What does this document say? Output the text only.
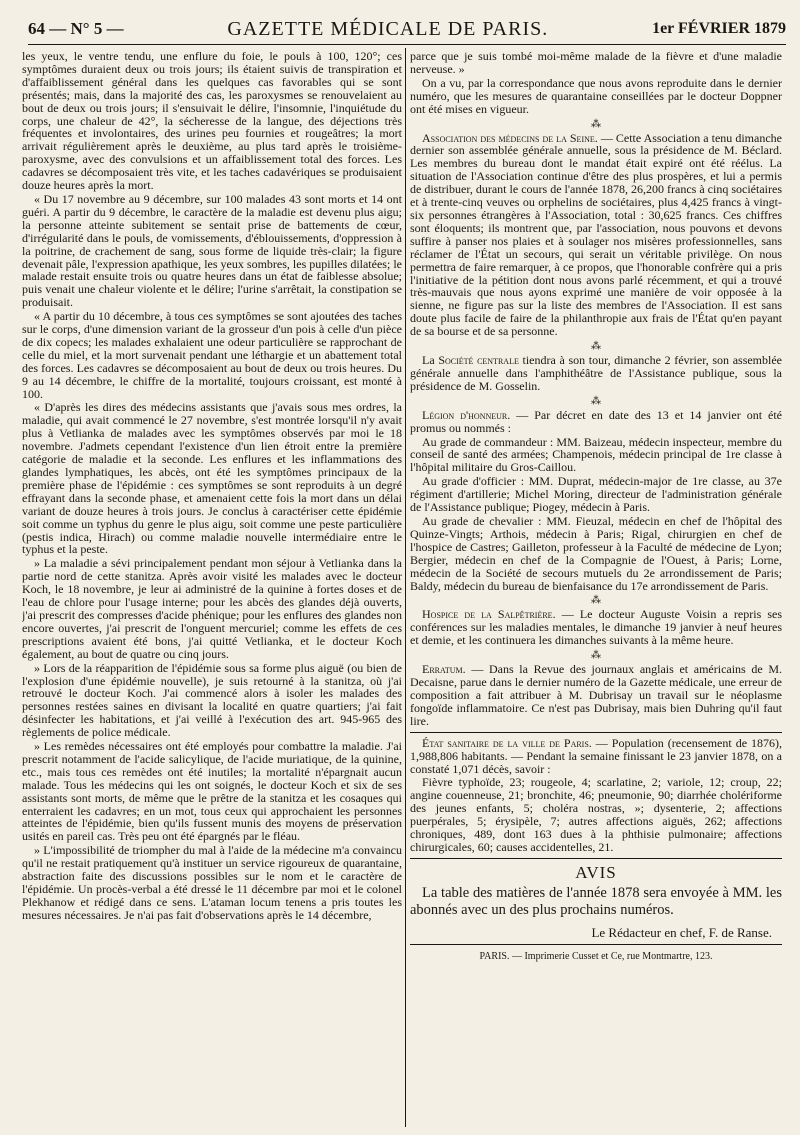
64 — N° 5 —	GAZETTE MÉDICALE DE PARIS.	1er FÉVRIER 1879

les yeux, le ventre tendu, une enflure du foie, le pouls à 100, 120°; ces symptômes duraient deux ou trois jours; ils étaient suivis de transpiration et d'affaiblissement général dans les quelques cas favorables qui se sont présentés; mais, dans la majorité des cas, les paroxysmes se renouvelaient au bout de deux ou trois jours; il s'ensuivait le délire, l'insomnie, l'inquiétude du corps, une chaleur de 42°, la sécheresse de la langue, des déjections très fréquentes et involontaires, des urines peu fournies et rougeâtres; la mort arrivait régulièrement après le deuxième, au plus tard après le troisième-paroxysme, avec des convulsions et un affaiblissement total des forces. Les cadavres se décomposaient très vite, et les taches cadavériques se produisaient douze heures après la mort.

« Du 17 novembre au 9 décembre, sur 100 malades 43 sont morts et 14 ont guéri. A partir du 9 décembre, le caractère de la maladie est devenu plus aigu; la personne atteinte subitement se sentait prise de battements de cœur, d'irrégularité dans le pouls, de vomissements, d'éblouissements, d'oppression à la poitrine, de crachement de sang, sous forme de liquide très-clair; la figure devenait pâle, l'expression apathique, les yeux sombres, les pupilles dilatées; le malade restait ensuite trois ou quatre heures dans un état de faiblesse absolue; puis venait une chaleur violente et le délire; l'urine s'arrêtait, la constipation se produisait.

« A partir du 10 décembre, à tous ces symptômes se sont ajoutées des taches sur le corps, d'une dimension variant de la grosseur d'un pois à celle d'un pièce de dix copecs; les malades exhalaient une odeur particulière se rapprochant de celle du miel, et la mort survenait pendant une léthargie et un abattement total des forces. Les cadavres se décomposaient au bout de deux ou trois heures. Du 9 au 14 décembre, le chiffre de la mortalité, toujours croissant, est monté à 100.

« D'après les dires des médecins assistants que j'avais sous mes ordres, la maladie, qui avait commencé le 27 novembre, s'est montrée lorsqu'il n'y avait plus à Vetlianka de malades avec les symptômes observés par moi le 18 novembre. J'admets cependant l'existence d'un lien étroit entre la première catégorie de maladie et la seconde. Les enflures et les inflammations des glandes lymphatiques, les abcès, ont été les symptômes principaux de la première phase de l'épidémie : ces symptômes se sont reproduits à un degré effrayant dans la seconde phase, et amenaient cette fois la mort dans un délai variant de douze heures à trois jours. Je conclus à caractériser cette épidémie soit comme un typhus du genre le plus aigu, soit comme une peste particulière (pestis indica, Hirach) ou comme maladie nouvelle intermédiaire entre le typhus et la peste.

» La maladie a sévi principalement pendant mon séjour à Vetlianka dans la partie nord de cette stanitza. Après avoir visité les malades avec le docteur Koch, le 18 novembre, je leur ai administré de la quinine à fortes doses et de l'eau de chlore pour l'usage interne; pour les abcès des glandes déjà ouverts, j'ai prescrit des compresses d'acide phénique; pour les enflures des glandes non encore ouvertes, j'ai prescrit de l'onguent mercuriel; comme les effets de ces prescriptions avaient été bons, j'ai quitté Vetlianka, et le docteur Koch également, au bout de quatre ou cinq jours.

» Lors de la réapparition de l'épidémie sous sa forme plus aiguë (ou bien de l'explosion d'une épidémie nouvelle), je suis retourné à la stanitza, où j'ai retrouvé le docteur Koch. J'ai commencé alors à isoler les malades des personnes restées saines en divisant la localité en quatre quartiers; j'ai fait désinfecter les habitations, et j'ai veillé à l'exécution des art. 945-965 des règlements de police médicale.

» Les remèdes nécessaires ont été employés pour combattre la maladie. J'ai prescrit notamment de l'acide salicylique, de l'acide muriatique, de la quinine, etc., mais tous ces remèdes ont été inutiles; la mortalité n'épargnait aucun malade. Tous les médecins qui les ont soignés, le docteur Koch et six de ses assistants sont morts, de même que le prêtre de la stanitza et les cosaques qui enterraient les cadavres; en un mot, tous ceux qui approchaient les personnes atteintes de l'épidémie, bien qu'ils fussent munis des moyens de préservation usités en pareil cas. Très peu ont été épargnés par le fléau.

» L'impossibilité de triompher du mal à l'aide de la médecine m'a convaincu qu'il ne restait pratiquement qu'à instituer un service rigoureux de quarantaine, abstraction faite des discussions possibles sur le nom et le caractère de l'épidémie. Un procès-verbal a été dressé le 11 décembre par moi et le colonel Plekhanow et rédigé dans ce sens. L'ataman locum tenens a pris toutes les mesures nécessaires. Je n'ai pas fait d'observations après le 14 décembre,

parce que je suis tombé moi-même malade de la fièvre et d'une maladie nerveuse. »

On a vu, par la correspondance que nous avons reproduite dans le dernier numéro, que les mesures de quarantaine conseillées par le docteur Doppner ont été mises en vigueur.

⁂

Association des médecins de la Seine. — Cette Association a tenu dimanche dernier son assemblée générale annuelle, sous la présidence de M. Béclard. Les membres du bureau dont le mandat était expiré ont été réélus. La situation de l'Association continue d'être des plus prospères, et lui a permis de distribuer, durant le cours de l'année 1878, 26,200 francs à cinq sociétaires et à trente-cinq veuves ou orphelins de sociétaires, plus 4,425 francs à vingt-six personnes étrangères à l'Association, total : 30,625 francs. Ces chiffres sont éloquents; ils montrent que, par l'association, nous pouvons et devons suffire à panser nos plaies et à soulager nos misères professionnelles, sans réclamer de l'État un secours, qui serait un véritable privilège. On nous permettra de faire remarquer, à ce propos, que l'honorable confrère qui a pris l'initiative de la pétition dont nous avons parlé récemment, et qui a trouvé très-mauvais que nous ayons exprimé une manière de voir opposée à la sienne, ne figure pas sur la liste des membres de l'Association. Il est sans doute plus facile de faire de la philanthropie aux frais de l'État qu'en payant de sa bourse et de sa personne.

⁂

La Société centrale tiendra à son tour, dimanche 2 février, son assemblée générale annuelle dans l'amphithéâtre de l'Assistance publique, sous la présidence de M. Gosselin.

⁂

Légion d'honneur. — Par décret en date des 13 et 14 janvier ont été promus ou nommés :

Au grade de commandeur : MM. Baizeau, médecin inspecteur, membre du conseil de santé des armées; Champenois, médecin principal de 1re classe à l'hôpital militaire du Gros-Caillou.

Au grade d'officier : MM. Duprat, médecin-major de 1re classe, au 37e régiment d'artillerie; Michel Moring, directeur de l'administration générale de l'Assistance publique; Piogey, médecin à Paris.

Au grade de chevalier : MM. Fieuzal, médecin en chef de l'hôpital des Quinze-Vingts; Arthois, médecin à Paris; Rigal, chirurgien en chef de l'hospice de Castres; Gailleton, professeur à la Faculté de médecine de Lyon; Bergier, médecin en chef de la Compagnie de l'Ouest, à Paris; Lorne, médecin de la Société de secours mutuels du 2e arrondissement de Paris; Baldy, médecin du bureau de bienfaisance du 17e arrondissement de Paris.

⁂

Hospice de la Salpêtrière. — Le docteur Auguste Voisin a repris ses conférences sur les maladies mentales, le dimanche 19 janvier à neuf heures et demie, et les continuera les dimanches suivants à la même heure.

⁂

Erratum. — Dans la Revue des journaux anglais et américains de M. Decaisne, parue dans le dernier numéro de la Gazette médicale, une erreur de composition a fait attribuer à M. Dubrisay un travail sur le néoplasme fongoïde inflammatoire. Ce n'est pas Dubrisay, mais bien Duhring qu'il faut lire.

État sanitaire de la ville de Paris. — Population (recensement de 1876), 1,988,806 habitants. — Pendant la semaine finissant le 23 janvier 1878, on a constaté 1,071 décès, savoir :

Fièvre typhoïde, 23; rougeole, 4; scarlatine, 2; variole, 12; croup, 22; angine couenneuse, 21; bronchite, 46; pneumonie, 90; diarrhée cholériforme des jeunes enfants, 5; choléra nostras, »; dysenterie, 2; affections puerpérales, 5; érysipèle, 7; autres affections aiguës, 262; affections chroniques, 489, dont 163 dues à la phthisie pulmonaire; affections chirurgicales, 60; causes accidentelles, 21.

AVIS

La table des matières de l'année 1878 sera envoyée à MM. les abonnés avec un des plus prochains numéros.

Le Rédacteur en chef, F. de Ranse.
PARIS. — Imprimerie Cusset et Ce, rue Montmartre, 123.
